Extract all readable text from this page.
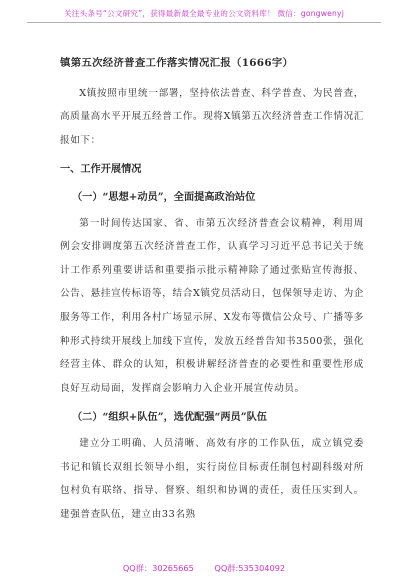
关注头条号“公文研究”，获得最新最全最专业的公文资料库！ 微信：gongwenyj

镇第五次经济普查工作落实情况汇报（1666字）

X镇按照市里统一部署，坚持依法普查、科学普查、为民普查，高质量高水平开展五经普工作。现将X镇第五次经济普查工作情况汇报如下：

一、工作开展情况

（一）“思想+动员”，全面提高政治站位

第一时间传达国家、省、市第五次经济普查会议精神，利用周例会安排调度第五次经济普查工作，认真学习习近平总书记关于统计工作系列重要讲话和重要指示批示精神除了通过张贴宣传海报、公告、悬挂宣传标语等，结合X镇党员活动日，包保领导走访、为企服务等工作，利用各村广场显示屏、X发布等微信公众号、广播等多种形式持续开展线上加线下宣传，发放五经普告知书3500张，强化经营主体、群众的认知，积极讲解经济普查的必要性和重要性形成良好互动局面，发挥商会影响力入企业开展宣传动员。

（二）“组织+队伍”，选优配强“两员”队伍

建立分工明确、人员清晰、高效有序的工作队伍，成立镇党委书记和镇长双组长领导小组，实行岗位目标责任制包村副科级对所包村负有联络、指导、督察、组织和协调的责任，责任压实到人。建强普查队伍，建立由33名熟

QQ群：30265665	QQ群:535304092
